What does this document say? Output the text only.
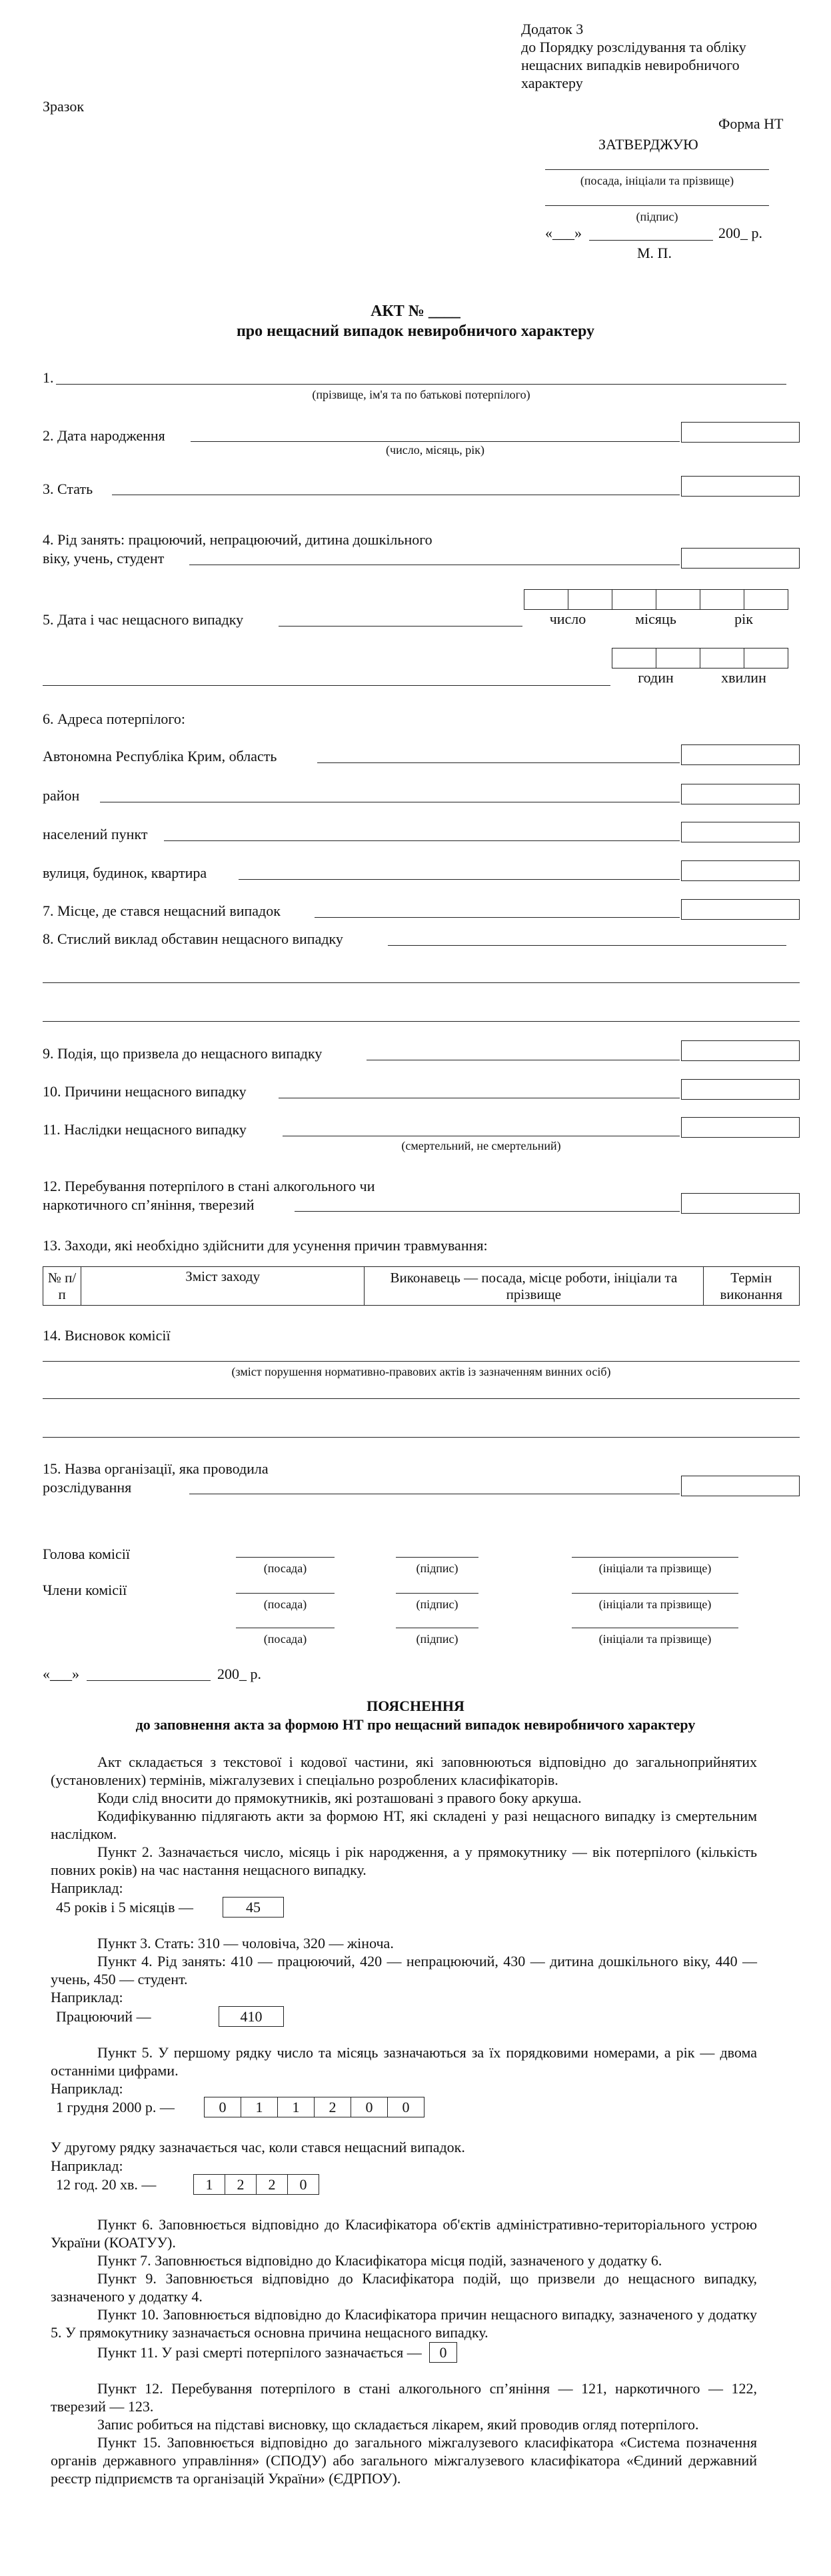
Додаток 3
до Порядку розслідування та обліку
нещасних випадків невиробничого
характеру
Зразок
Форма НТ
ЗАТВЕРДЖУЮ
(посада, ініціали та прізвище)
(підпис)
«___»	200_ р.
М. П.
АКТ № ____
про нещасний випадок невиробничого характеру
1.
(прізвище, ім'я та по батькові потерпілого)
2. Дата народження
(число, місяць, рік)
3. Стать
4. Рід занять: працюючий, непрацюючий, дитина дошкільного
віку, учень, студент
5. Дата і час нещасного випадку	число	місяць	рік
годин	хвилин
6. Адреса потерпілого:
Автономна Республіка Крим, область
район
населений пункт
вулиця, будинок, квартира
7. Місце, де стався нещасний випадок
8. Стислий виклад обставин нещасного випадку
9. Подія, що призвела до нещасного випадку
10. Причини нещасного випадку
11. Наслідки нещасного випадку
(смертельний, не смертельний)
12. Перебування потерпілого в стані алкогольного чи
наркотичного сп’яніння, тверезий
13. Заходи, які необхідно здійснити для усунення причин травмування:
№ п/п	Зміст заходу	Виконавець — посада, місце роботи, ініціали та прізвище	Термін виконання
14. Висновок комісії
(зміст порушення нормативно-правових актів із зазначенням винних осіб)
15. Назва організації, яка проводила
розслідування
Голова комісії
(посада)	(підпис)	(ініціали та прізвище)
Члени комісії
(посада)	(підпис)	(ініціали та прізвище)
(посада)	(підпис)	(ініціали та прізвище)
«___»	200_ р.
ПОЯСНЕННЯ
до заповнення акта за формою НТ про нещасний випадок невиробничого характеру
Акт складається з текстової і кодової частини, які заповнюються відповідно до загальноприйнятих (установлених) термінів, міжгалузевих і спеціально розроблених класифікаторів.
Коди слід вносити до прямокутників, які розташовані з правого боку аркуша.
Кодифікуванню підлягають акти за формою НТ, які складені у разі нещасного випадку із смертельним наслідком.
Пункт 2. Зазначається число, місяць і рік народження, а у прямокутнику — вік потерпілого (кількість повних років) на час настання нещасного випадку.
Наприклад:
45 років і 5 місяців —	45
Пункт 3. Стать: 310 — чоловіча, 320 — жіноча.
Пункт 4. Рід занять: 410 — працюючий, 420 — непрацюючий, 430 — дитина дошкільного віку, 440 — учень, 450 — студент.
Наприклад:
Працюючий —	410
Пункт 5. У першому рядку число та місяць зазначаються за їх порядковими номерами, а рік — двома останніми цифрами.
Наприклад:
1 грудня 2000 р. —	0	1	1	2	0	0
У другому рядку зазначається час, коли стався нещасний випадок.
Наприклад:
12 год. 20 хв. —	1	2	2	0
Пункт 6. Заповнюється відповідно до Класифікатора об'єктів адміністративно-територіального устрою України (КОАТУУ).
Пункт 7. Заповнюється відповідно до Класифікатора місця подій, зазначеного у додатку 6.
Пункт 9. Заповнюється відповідно до Класифікатора подій, що призвели до нещасного випадку, зазначеного у додатку 4.
Пункт 10. Заповнюється відповідно до Класифікатора причин нещасного випадку, зазначеного у додатку 5. У прямокутнику зазначається основна причина нещасного випадку.
Пункт 11. У разі смерті потерпілого зазначається —	0
Пункт 12. Перебування потерпілого в стані алкогольного сп’яніння — 121, наркотичного — 122, тверезий — 123.
Запис робиться на підставі висновку, що складається лікарем, який проводив огляд потерпілого.
Пункт 15. Заповнюється відповідно до загального міжгалузевого класифікатора «Система позначення органів державного управління» (СПОДУ) або загального міжгалузевого класифікатора «Єдиний державний реєстр підприємств та організацій України» (ЄДРПОУ).
